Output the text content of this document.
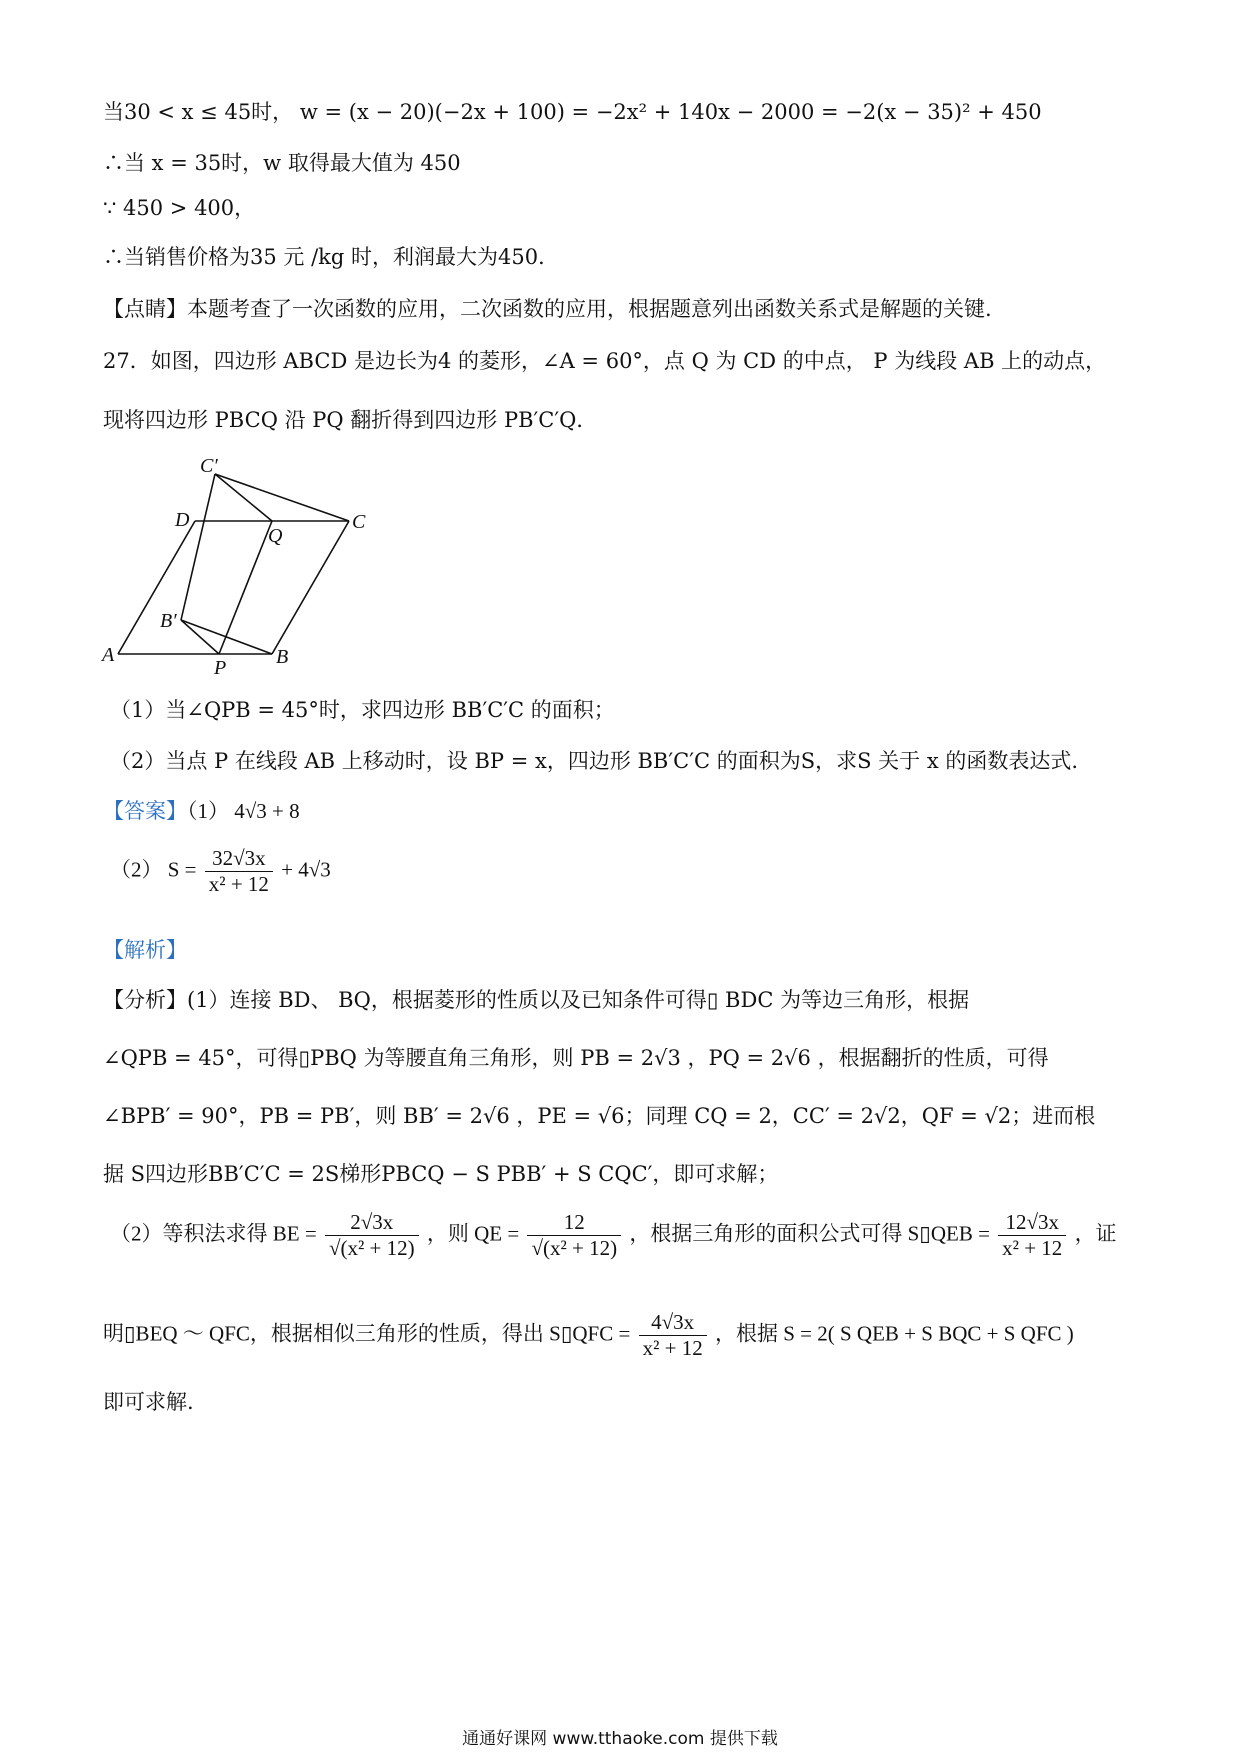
当30 < x ≤ 45时， w = (x − 20)(−2x + 100) = −2x² + 140x − 2000 = −2(x − 35)² + 450
∴当 x = 35时，w 取得最大值为 450
∵ 450 > 400，
∴当销售价格为35 元 /kg 时，利润最大为450．
【点睛】本题考查了一次函数的应用，二次函数的应用，根据题意列出函数关系式是解题的关键.
27．如图，四边形 ABCD 是边长为4 的菱形，∠A = 60°，点 Q 为 CD 的中点， P 为线段 AB 上的动点，
现将四边形 PBCQ 沿 PQ 翻折得到四边形 PB′C′Q．
C′
D
Q
C
B′
A
P B
（1）当∠QPB = 45°时，求四边形 BB′C′C 的面积；
（2）当点 P 在线段 AB 上移动时，设 BP = x，四边形 BB′C′C 的面积为S，求S 关于 x 的函数表达式.
【答案】（1） 4√3 + 8
（2） $S = \frac{32√3x}{\text{x² + 12}} + 4√3$
【解析】
【分析】(1）连接 BD、 BQ，根据菱形的性质以及已知条件可得▯ BDC 为等边三角形，根据
∠QPB = 45°，可得▯PBQ 为等腰直角三角形，则 PB = 2√3 ，PQ = 2√6 ，根据翻折的性质，可得
∠BPB′ = 90°，PB = PB′，则 BB′ = 2√6 ，PE = √6；同理 CQ = 2，CC′ = 2√2，QF = √2；进而根
据 S四边形BB′C′C = 2S梯形PBCQ − S PBB′ + S CQC′，即可求解；
（2）等积法求得 BE = $\frac{2√3x}{\text{√(x² + 12)}}$ ，则 QE = $\frac{12}{\text{√(x² + 12)}}$ ，根据三角形的面积公式可得 S▯QEB = $\frac{12√3x}{\text{x² + 12}}$ ，证
明▯BEQ ～ QFC，根据相似三角形的性质，得出 S▯QFC = $\frac{4√3x}{\text{x² + 12}}$ ，根据 S = 2( S QEB + S BQC + S QFC )
即可求解.
通通好课网 www.tthaoke.com 提供下载
